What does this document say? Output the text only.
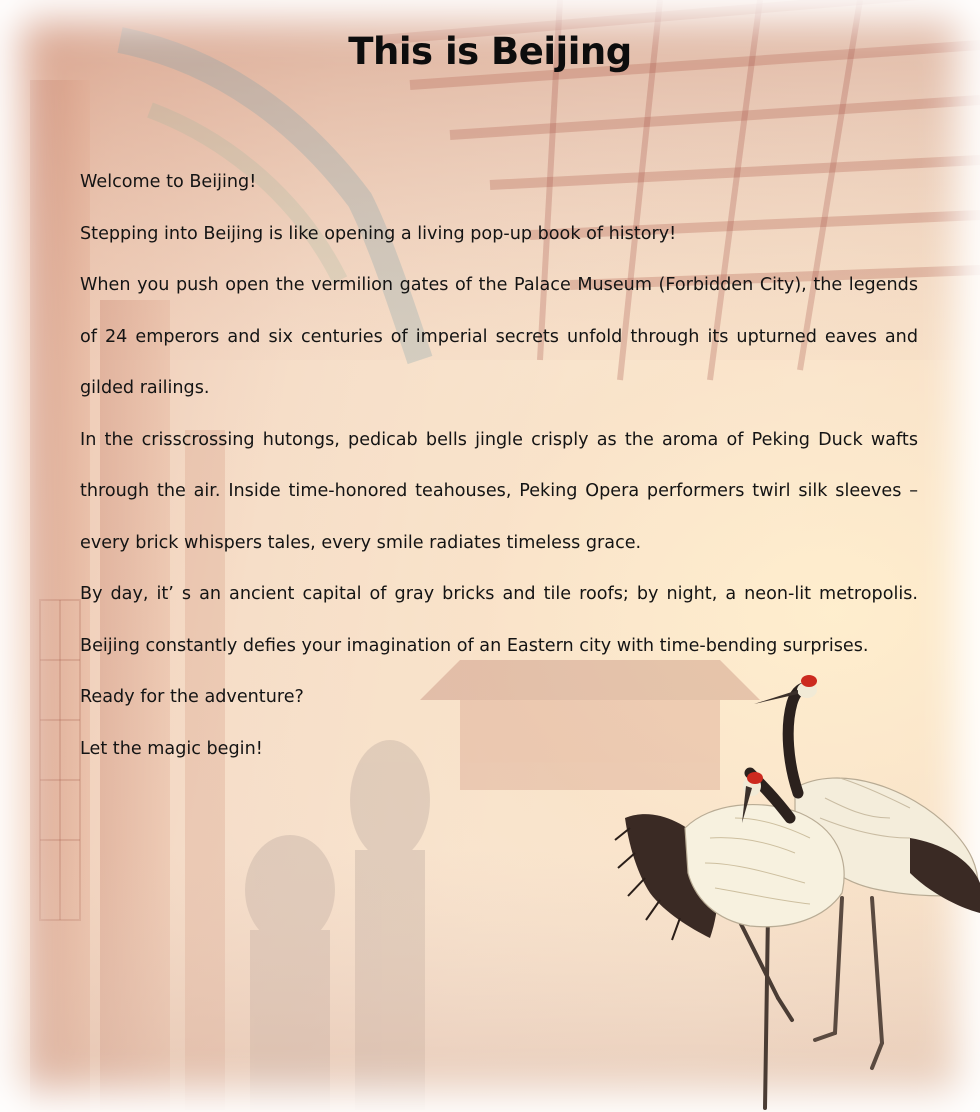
This is Beijing

Welcome to Beijing!

Stepping into Beijing is like opening a living pop-up book of history!

When you push open the vermilion gates of the Palace Museum (Forbidden City), the legends of 24 emperors and six centuries of imperial secrets unfold through its upturned eaves and gilded railings.

In the crisscrossing hutongs, pedicab bells jingle crisply as the aroma of Peking Duck wafts through the air. Inside time-honored teahouses, Peking Opera performers twirl silk sleeves – every brick whispers tales, every smile radiates timeless grace.

By day, it’ s an ancient capital of gray bricks and tile roofs; by night, a neon-lit metropolis. Beijing constantly defies your imagination of an Eastern city with time-bending surprises.

Ready for the adventure?

Let the magic begin!
